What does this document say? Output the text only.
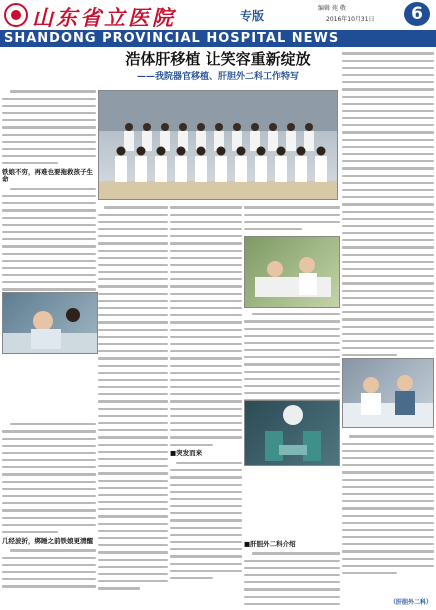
山东省立医院	专版
编辑 苑 敬
2016年10月31日	6
SHANDONG PROVINCIAL HOSPITAL NEWS
浩体肝移植 让笑容重新绽放
——我院器官移植、肝胆外二科工作特写
铁娘不穷，再难也要拖救孩子生命
几经波折，绑睡之前铁娘更清醒
■突发而来
■肝胆外二科介绍
（肝胆外二科）
